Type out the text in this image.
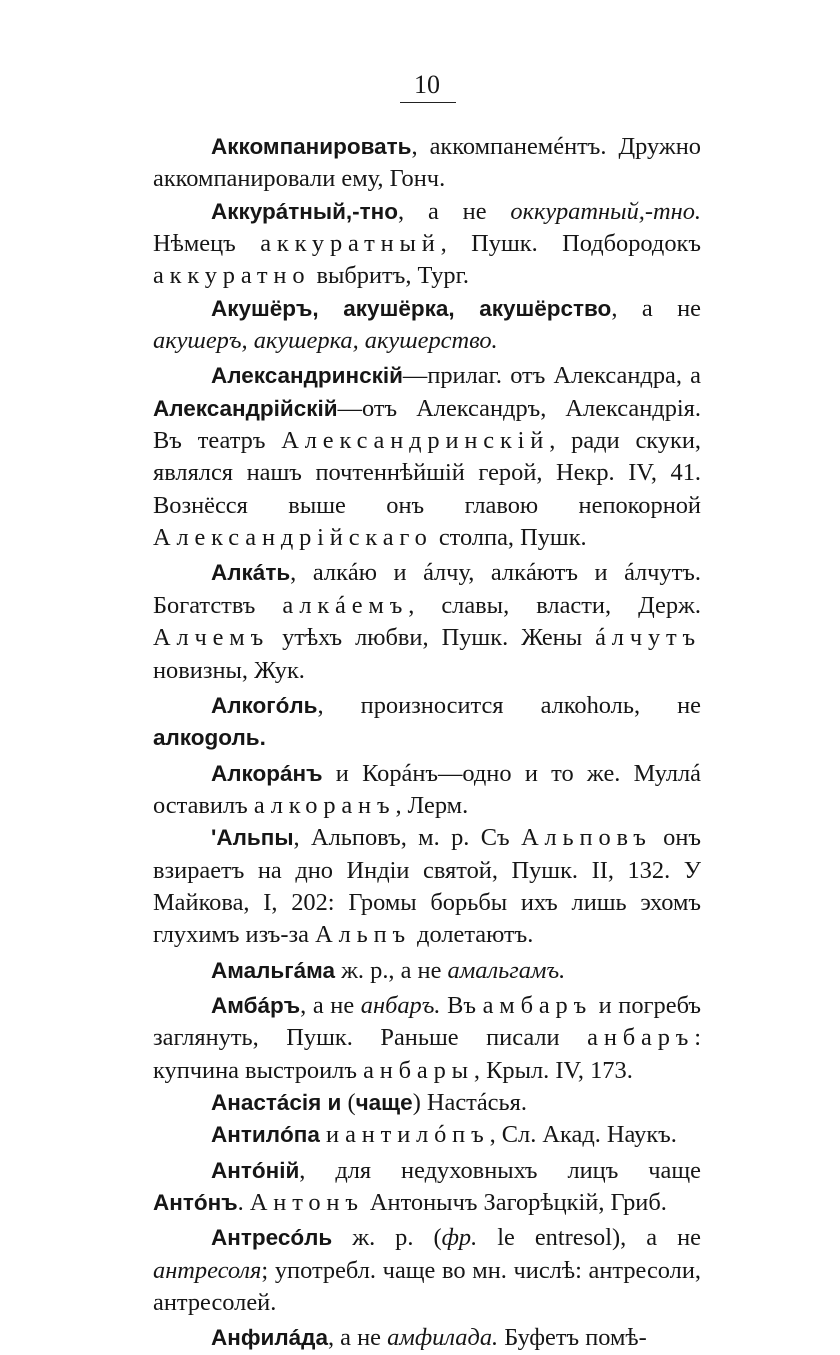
10

Аккомпанировать, аккомпанемéнтъ. Дружно аккомпанировали ему, Гонч.

Аккурáтный,-тно, а не оккуратный,-тно. Нѣмецъ аккуратный, Пушк. Подбородокъ аккуратно выбритъ, Тург.

Акушёръ, акушёрка, акушёрство, а не акушеръ, акушерка, акушерство.

Александринскій—прилаг. отъ Александра, а Александрійскій—отъ Александръ, Александрія. Въ театръ Александринскій, ради скуки, являлся нашъ почтеннѣйшій герой, Некр. IV, 41. Вознёсся выше онъ главою непокорной Александрійскаго столпа, Пушк.

Алкáть, алкáю и áлчу, алкáютъ и áлчутъ. Богатствъ алкáемъ, славы, власти, Держ. Алчемъ утѣхъ любви, Пушк. Жены áлчутъ новизны, Жук.

Алкогóль, произносится алкоhоль, не алкоgоль.

Алкорáнъ и Корáнъ—одно и то же. Муллá оставилъ алкоранъ, Лерм.

'Альпы, Альповъ, м. р. Съ Альповъ онъ взираетъ на дно Индіи святой, Пушк. II, 132. У Майкова, I, 202: Громы борьбы ихъ лишь эхомъ глухимъ изъ-за Альпъ долетаютъ.

Амальгáма ж. р., а не амальгамъ.

Амбáръ, а не анбаръ. Въ амбаръ и погребъ заглянуть, Пушк. Раньше писали анбаръ: купчина выстроилъ анбары, Крыл. IV, 173.

Анастáсія и (чаще) Настáсья.

Антилóпа и антилóпъ, Сл. Акад. Наукъ.

Антóній, для недуховныхъ лицъ чаще Антóнъ. Антонъ Антонычъ Загорѣцкій, Гриб.

Антресóль ж. р. (фр. le entresol), а не антресоля; употребл. чаще во мн. числѣ: антресоли, антресолей.

Анфилáда, а не амфилада. Буфетъ помѣ-
